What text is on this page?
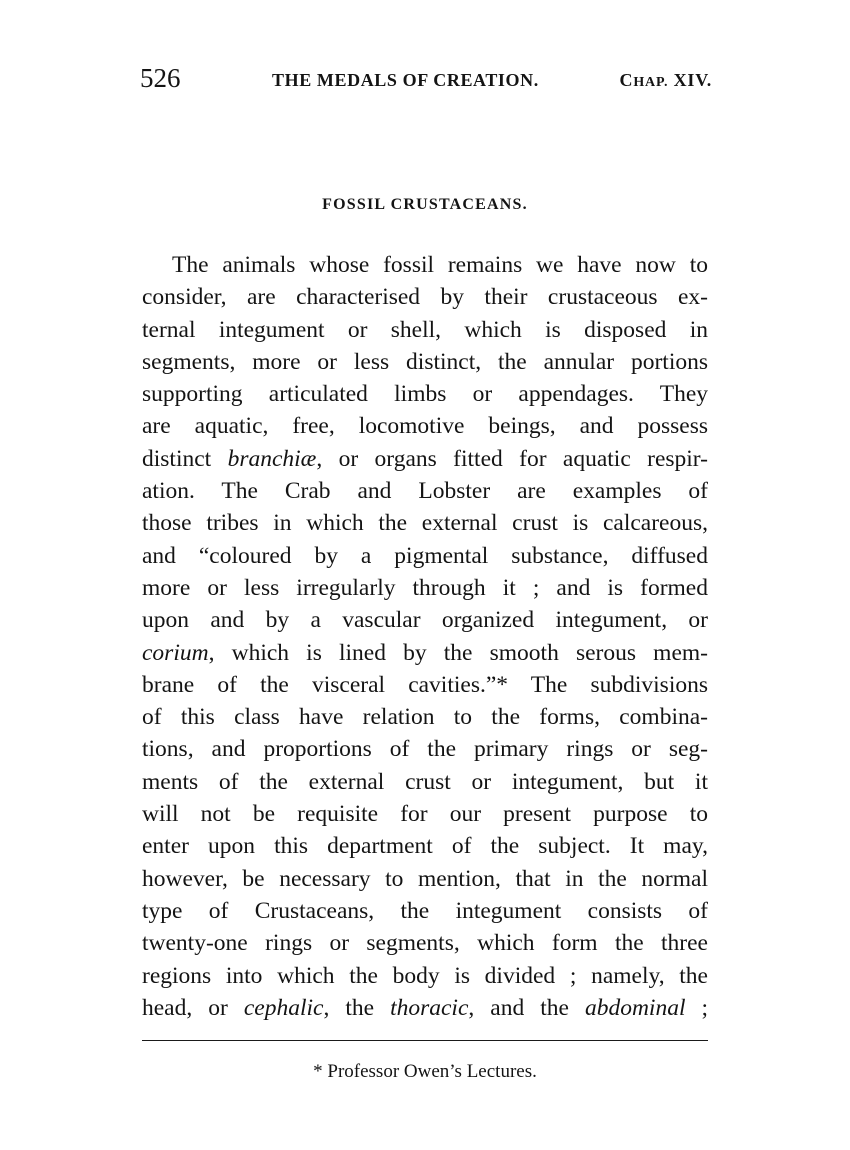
526	THE MEDALS OF CREATION.	CHAP. XIV.
FOSSIL CRUSTACEANS.

The animals whose fossil remains we have now to
consider, are characterised by their crustaceous ex-
ternal integument or shell, which is disposed in
segments, more or less distinct, the annular portions
supporting articulated limbs or appendages. They
are aquatic, free, locomotive beings, and possess
distinct branchiæ, or organs fitted for aquatic respir-
ation. The Crab and Lobster are examples of
those tribes in which the external crust is calcareous,
and “coloured by a pigmental substance, diffused
more or less irregularly through it ; and is formed
upon and by a vascular organized integument, or
corium, which is lined by the smooth serous mem-
brane of the visceral cavities.”* The subdivisions
of this class have relation to the forms, combina-
tions, and proportions of the primary rings or seg-
ments of the external crust or integument, but it
will not be requisite for our present purpose to
enter upon this department of the subject. It may,
however, be necessary to mention, that in the normal
type of Crustaceans, the integument consists of
twenty-one rings or segments, which form the three
regions into which the body is divided ; namely, the
head, or cephalic, the thoracic, and the abdominal ;

* Professor Owen’s Lectures.
